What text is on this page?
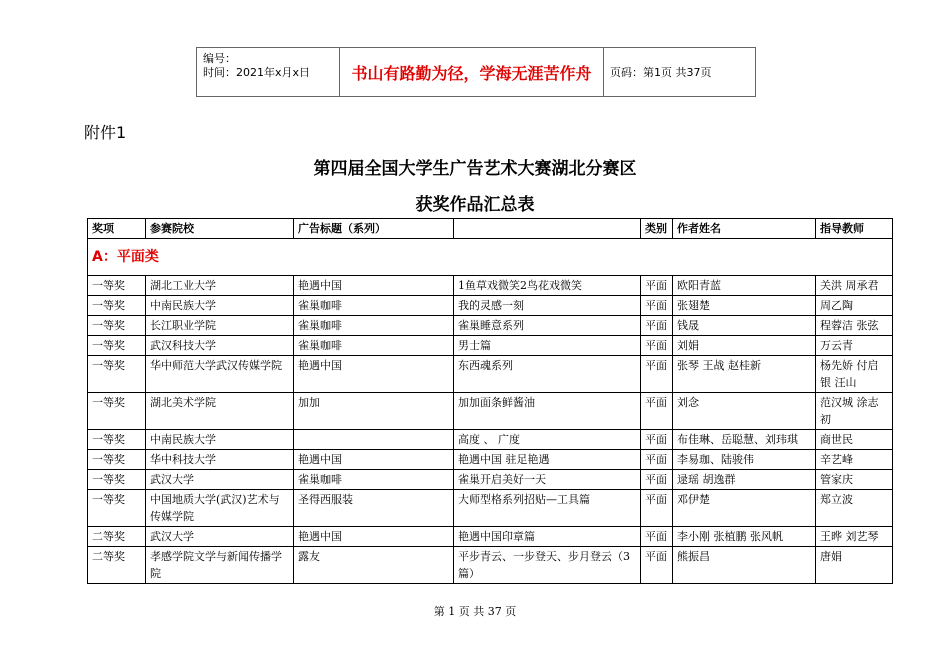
编号：
时间：2021年x月x日	书山有路勤为径，学海无涯苦作舟	页码：第1页 共37页
附件1
第四届全国大学生广告艺术大赛湖北分赛区
获奖作品汇总表
奖项	参赛院校	广告标题（系列）		类别	作者姓名	指导教师
A：平面类						
一等奖	湖北工业大学	艳遇中国	1鱼草戏微笑2鸟花戏微笑	平面	欧阳青蓝	关洪 周承君
一等奖	中南民族大学	雀巢咖啡	我的灵感一刻	平面	张翅楚	周乙陶
一等奖	长江职业学院	雀巢咖啡	雀巢睡意系列	平面	钱晟	程蓉洁 张弦
一等奖	武汉科技大学	雀巢咖啡	男士篇	平面	刘娟	万云青
一等奖	华中师范大学武汉传媒学院	艳遇中国	东西魂系列	平面	张琴 王战 赵桂新	杨先娇 付启银 汪山
一等奖	湖北美术学院	加加	加加面条鲜酱油	平面	刘念	范汉城 涂志初
一等奖	中南民族大学		高度 、 广度	平面	布佳琳、岳聪慧、刘玮琪	商世民
一等奖	华中科技大学	艳遇中国	艳遇中国 驻足艳遇	平面	李易珈、陆骏伟	辛艺峰
一等奖	武汉大学	雀巢咖啡	雀巢开启美好一天	平面	逯瑶 胡逸群	管家庆
一等奖	中国地质大学(武汉)艺术与传媒学院	圣得西服装	大师型格系列招贴—工具篇	平面	邓伊楚	郑立波
二等奖	武汉大学	艳遇中国	艳遇中国印章篇	平面	李小刚 张植鹏 张风帆	王晔 刘艺琴
二等奖	孝感学院文学与新闻传播学院	露友	平步青云、一步登天、步月登云（3篇）	平面	熊振昌	唐娟
第 1 页 共 37 页
